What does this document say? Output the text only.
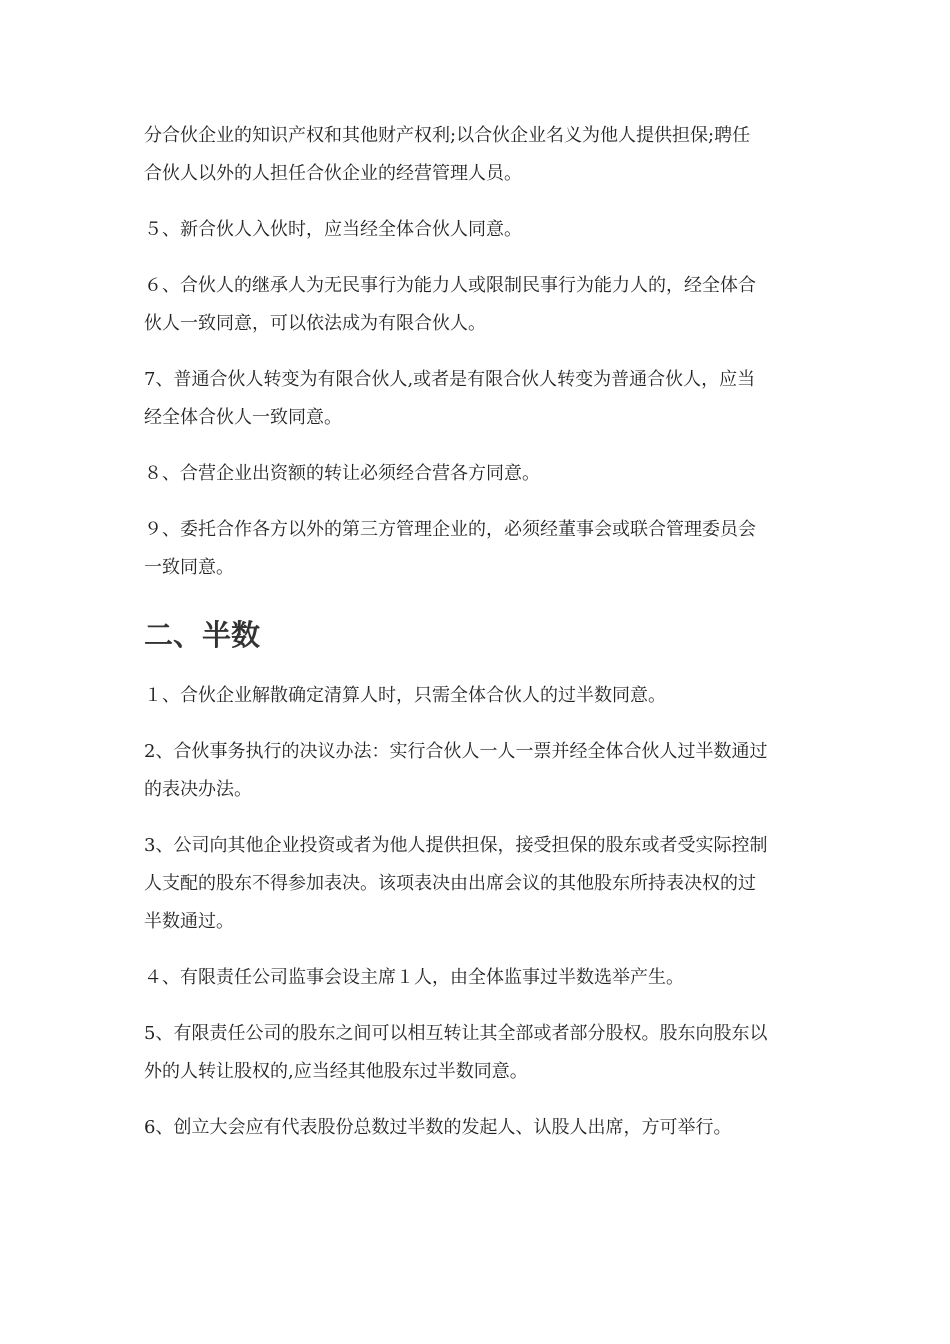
分合伙企业的知识产权和其他财产权利;以合伙企业名义为他人提供担保;聘任
合伙人以外的人担任合伙企业的经营管理人员。
５、新合伙人入伙时，应当经全体合伙人同意。
６、合伙人的继承人为无民事行为能力人或限制民事行为能力人的，经全体合
伙人一致同意，可以依法成为有限合伙人。
7、普通合伙人转变为有限合伙人,或者是有限合伙人转变为普通合伙人，应当
经全体合伙人一致同意。
８、合营企业出资额的转让必须经合营各方同意。
９、委托合作各方以外的第三方管理企业的，必须经董事会或联合管理委员会
一致同意。
二、半数
１、合伙企业解散确定清算人时，只需全体合伙人的过半数同意。
2、合伙事务执行的决议办法：实行合伙人一人一票并经全体合伙人过半数通过
的表决办法。
3、公司向其他企业投资或者为他人提供担保，接受担保的股东或者受实际控制
人支配的股东不得参加表决。该项表决由出席会议的其他股东所持表决权的过
半数通过。
４、有限责任公司监事会设主席１人，由全体监事过半数选举产生。
5、有限责任公司的股东之间可以相互转让其全部或者部分股权。股东向股东以
外的人转让股权的,应当经其他股东过半数同意。
6、创立大会应有代表股份总数过半数的发起人、认股人出席，方可举行。
